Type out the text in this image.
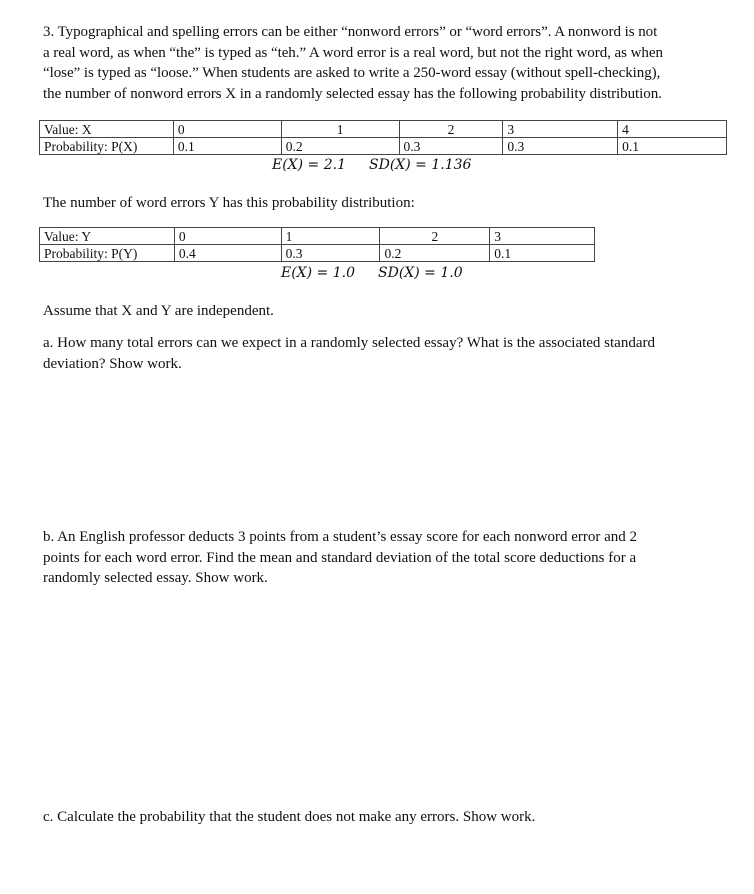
3. Typographical and spelling errors can be either “nonword errors” or “word errors”. A nonword is not
a real word, as when “the” is typed as “teh.” A word error is a real word, but not the right word, as when
“lose” is typed as “loose.” When students are asked to write a 250-word essay (without spell-checking),
the number of nonword errors X in a randomly selected essay has the following probability distribution.
Value: X	0	1	2	3	4
Probability: P(X)	0.1	0.2	0.3	0.3	0.1
E(X) = 2.1 SD(X) = 1.136
The number of word errors Y has this probability distribution:
Value: Y	0	1	2	3
Probability: P(Y)	0.4	0.3	0.2	0.1
E(X) = 1.0 SD(X) = 1.0
Assume that X and Y are independent.
a. How many total errors can we expect in a randomly selected essay? What is the associated standard
deviation? Show work.
b. An English professor deducts 3 points from a student’s essay score for each nonword error and 2
points for each word error. Find the mean and standard deviation of the total score deductions for a
randomly selected essay. Show work.
c. Calculate the probability that the student does not make any errors. Show work.
